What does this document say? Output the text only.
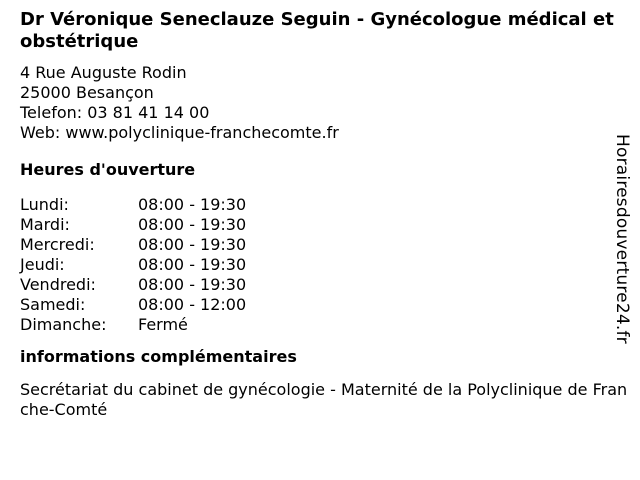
Dr Véronique Seneclauze Seguin - Gynécologue médical et obstétrique
4 Rue Auguste Rodin
25000 Besançon
Telefon: 03 81 41 14 00
Web: www.polyclinique-franchecomte.fr
Heures d'ouverture
Lundi:	08:00 - 19:30
Mardi:	08:00 - 19:30
Mercredi:	08:00 - 19:30
Jeudi:	08:00 - 19:30
Vendredi:	08:00 - 19:30
Samedi:	08:00 - 12:00
Dimanche:	Fermé
informations complémentaires
Secrétariat du cabinet de gynécologie - Maternité de la Polyclinique de Franche-Comté
Horairesdouverture24.fr
